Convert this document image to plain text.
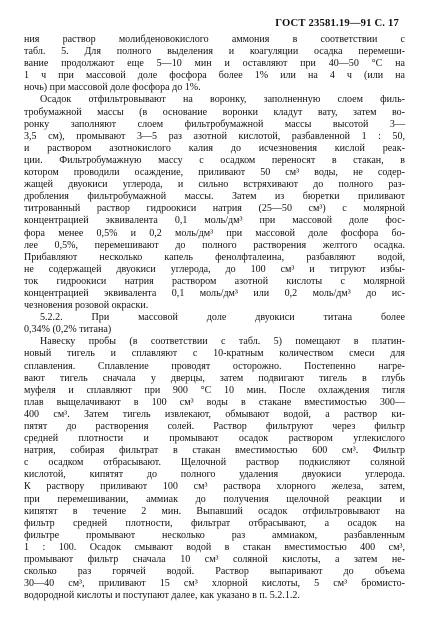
ГОСТ 23581.19—91 С. 17
ния раствор молибденовокислого аммония в соответствии с
табл. 5. Для полного выделения и коагуляции осадка перемеши-
вание продолжают еще 5—10 мин и оставляют при 40—50 °С на
1 ч при массовой доле фосфора более 1% или на 4 ч (или на
ночь) при массовой доле фосфора до 1%.
Осадок отфильтровывают на воронку, заполненную слоем филь-
тробумажной массы (в основание воронки кладут вату, затем во-
ронку заполняют слоем фильтробумажной массы высотой 3—
3,5 см), промывают 3—5 раз азотной кислотой, разбавленной 1 : 50,
и раствором азотнокислого калия до исчезновения кислой реак-
ции. Фильтробумажную массу с осадком переносят в стакан, в
котором проводили осаждение, приливают 50 см³ воды, не содер-
жащей двуокиси углерода, и сильно встряхивают до полного раз-
дробления фильтробумажной массы. Затем из бюретки приливают
титрованный раствор гидроокиси натрия (25—50 см³) с молярной
концентрацией эквивалента 0,1 моль/дм³ при массовой доле фос-
фора менее 0,5% и 0,2 моль/дм³ при массовой доле фосфора бо-
лее 0,5%, перемешивают до полного растворения желтого осадка.
Прибавляют несколько капель фенолфталеина, разбавляют водой,
не содержащей двуокиси углерода, до 100 см³ и титруют избы-
ток гидроокиси натрия раствором азотной кислоты с молярной
концентрацией эквивалента 0,1 моль/дм³ или 0,2 моль/дм³ до ис-
чезновения розовой окраски.
5.2.2. При массовой доле двуокиси титана более
0,34% (0,2% титана)
Навеску пробы (в соответствии с табл. 5) помещают в платин-
новый тигель и сплавляют с 10-кратным количеством смеси для
сплавления. Сплавление проводят осторожно. Постепенно нагре-
вают тигель сначала у дверцы, затем подвигают тигель в глубь
муфеля и сплавляют при 900 °С 10 мин. После охлаждения тигля
плав выщелачивают в 100 см³ воды в стакане вместимостью 300—
400 см³. Затем тигель извлекают, обмывают водой, а раствор ки-
пятят до растворения солей. Раствор фильтруют через фильтр
средней плотности и промывают осадок раствором углекислого
натрия, собирая фильтрат в стакан вместимостью 600 см³. Фильтр
с осадком отбрасывают. Щелочной раствор подкисляют соляной
кислотой, кипятят до полного удаления двуокиси углерода.
К раствору приливают 100 см³ раствора хлорного железа, затем,
при перемешивании, аммиак до получения щелочной реакции и
кипятят в течение 2 мин. Выпавший осадок отфильтровывают на
фильтр средней плотности, фильтрат отбрасывают, а осадок на
фильтре промывают несколько раз аммиаком, разбавленным
1 : 100. Осадок смывают водой в стакан вместимостью 400 см³,
промывают фильтр сначала 10 см³ соляной кислоты, а затем не-
сколько раз горячей водой. Раствор выпаривают до объема
30—40 см³, приливают 15 см³ хлорной кислоты, 5 см³ бромисто-
водородной кислоты и поступают далее, как указано в п. 5.2.1.2.
